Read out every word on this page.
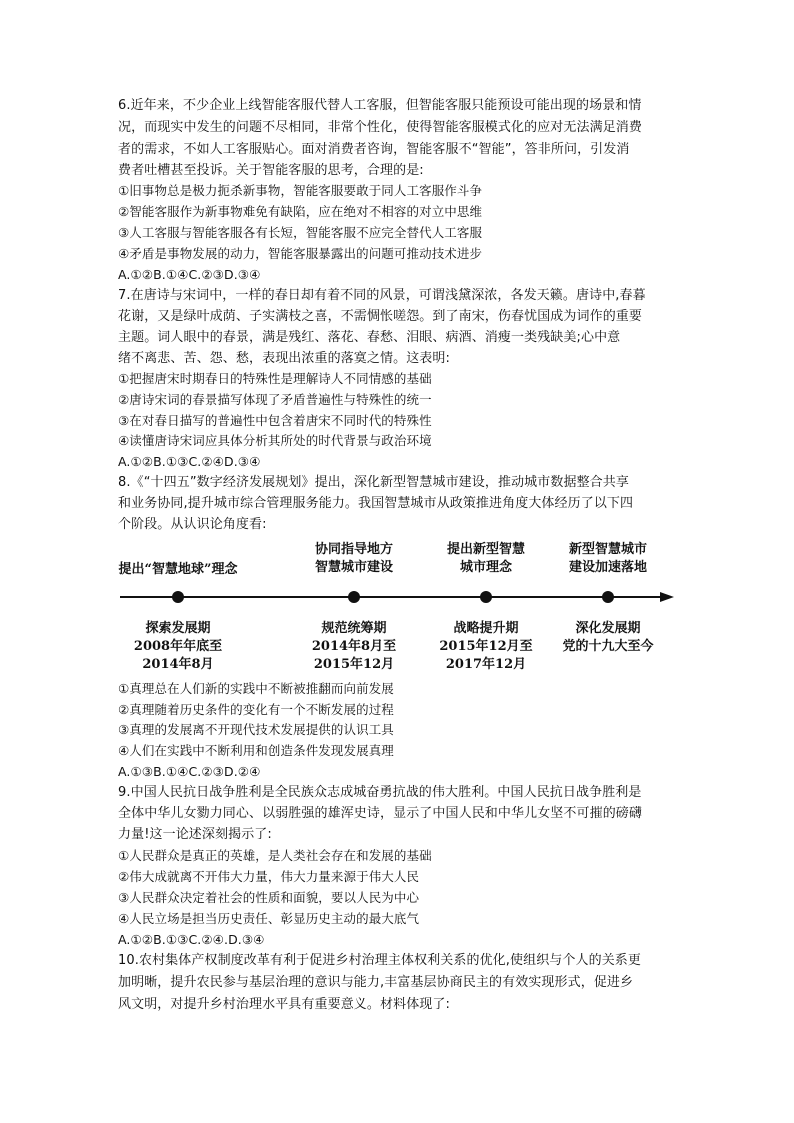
6.近年来，不少企业上线智能客服代替人工客服，但智能客服只能预设可能出现的场景和情
况，而现实中发生的问题不尽相同，非常个性化，使得智能客服模式化的应对无法满足消费
者的需求，不如人工客服贴心。面对消费者咨询，智能客服不“智能”，答非所问，引发消
费者吐槽甚至投诉。关于智能客服的思考，合理的是:
①旧事物总是极力扼杀新事物，智能客服要敢于同人工客服作斗争
②智能客服作为新事物难免有缺陷，应在绝对不相容的对立中思维
③人工客服与智能客服各有长短，智能客服不应完全替代人工客服
④矛盾是事物发展的动力，智能客服暴露出的问题可推动技术进步
A.①②B.①④C.②③D.③④
7.在唐诗与宋词中，一样的春日却有着不同的风景，可谓浅黛深浓，各发天籁。唐诗中,春暮
花谢，又是绿叶成荫、子实满枝之喜，不需惆怅嗟怨。到了南宋，伤春忧国成为词作的重要
主题。词人眼中的春景，满是残红、落花、春愁、泪眼、病酒、消瘦一类残缺美;心中意
绪不离悲、苦、怨、愁，表现出浓重的落寞之情。这表明:
①把握唐宋时期春日的特殊性是理解诗人不同情感的基础
②唐诗宋词的春景描写体现了矛盾普遍性与特殊性的统一
③在对春日描写的普遍性中包含着唐宋不同时代的特殊性
④读懂唐诗宋词应具体分析其所处的时代背景与政治环境
A.①②B.①③C.②④D.③④
8.《“十四五”数字经济发展规划》提出，深化新型智慧城市建设，推动城市数据整合共享
和业务协同,提升城市综合管理服务能力。我国智慧城市从政策推进角度大体经历了以下四
个阶段。从认识论角度看:
提出“智慧地球”理念
探索发展期
2008年年底至
2014年8月
协同指导地方
智慧城市建设
规范统筹期
2014年8月至
2015年12月
提出新型智慧
城市理念
战略提升期
2015年12月至
2017年12月
新型智慧城市
建设加速落地
深化发展期
党的十九大至今
①真理总在人们新的实践中不断被推翻而向前发展
②真理随着历史条件的变化有一个不断发展的过程
③真理的发展离不开现代技术发展提供的认识工具
④人们在实践中不断利用和创造条件发现发展真理
A.①③B.①④C.②③D.②④
9.中国人民抗日战争胜利是全民族众志成城奋勇抗战的伟大胜利。中国人民抗日战争胜利是
全体中华儿女勠力同心、以弱胜强的雄浑史诗，显示了中国人民和中华儿女坚不可摧的磅礴
力量!这一论述深刻揭示了:
①人民群众是真正的英雄，是人类社会存在和发展的基础
②伟大成就离不开伟大力量，伟大力量来源于伟大人民
③人民群众决定着社会的性质和面貌，要以人民为中心
④人民立场是担当历史责任、彰显历史主动的最大底气
A.①②B.①③C.②④.D.③④
10.农村集体产权制度改革有利于促进乡村治理主体权利关系的优化,使组织与个人的关系更
加明晰，提升农民参与基层治理的意识与能力,丰富基层协商民主的有效实现形式，促进乡
风文明，对提升乡村治理水平具有重要意义。材料体现了:
